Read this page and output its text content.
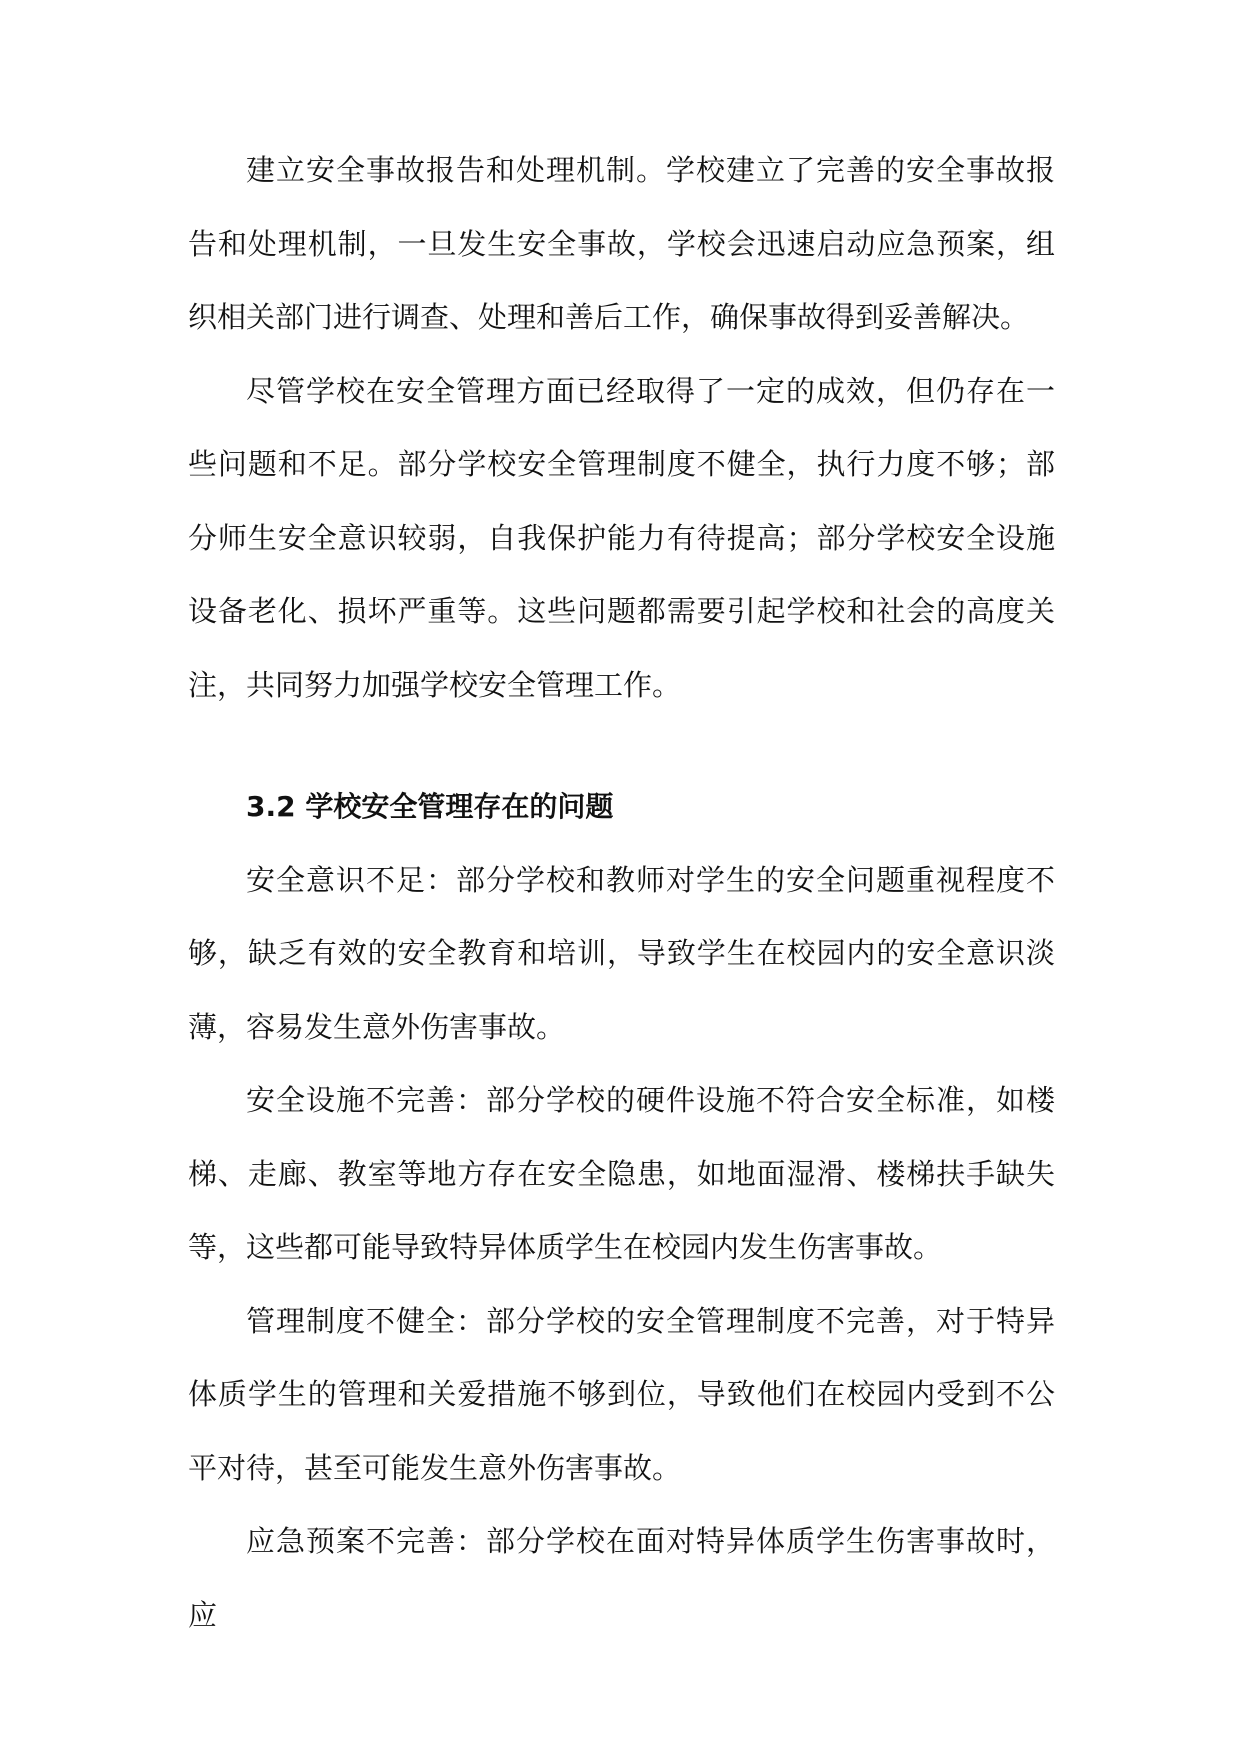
建立安全事故报告和处理机制。学校建立了完善的安全事故报告和处理机制，一旦发生安全事故，学校会迅速启动应急预案，组织相关部门进行调查、处理和善后工作，确保事故得到妥善解决。

尽管学校在安全管理方面已经取得了一定的成效，但仍存在一些问题和不足。部分学校安全管理制度不健全，执行力度不够；部分师生安全意识较弱，自我保护能力有待提高；部分学校安全设施设备老化、损坏严重等。这些问题都需要引起学校和社会的高度关注，共同努力加强学校安全管理工作。

3.2 学校安全管理存在的问题

安全意识不足：部分学校和教师对学生的安全问题重视程度不够，缺乏有效的安全教育和培训，导致学生在校园内的安全意识淡薄，容易发生意外伤害事故。

安全设施不完善：部分学校的硬件设施不符合安全标准，如楼梯、走廊、教室等地方存在安全隐患，如地面湿滑、楼梯扶手缺失等，这些都可能导致特异体质学生在校园内发生伤害事故。

管理制度不健全：部分学校的安全管理制度不完善，对于特异体质学生的管理和关爱措施不够到位，导致他们在校园内受到不公平对待，甚至可能发生意外伤害事故。

应急预案不完善：部分学校在面对特异体质学生伤害事故时，应
